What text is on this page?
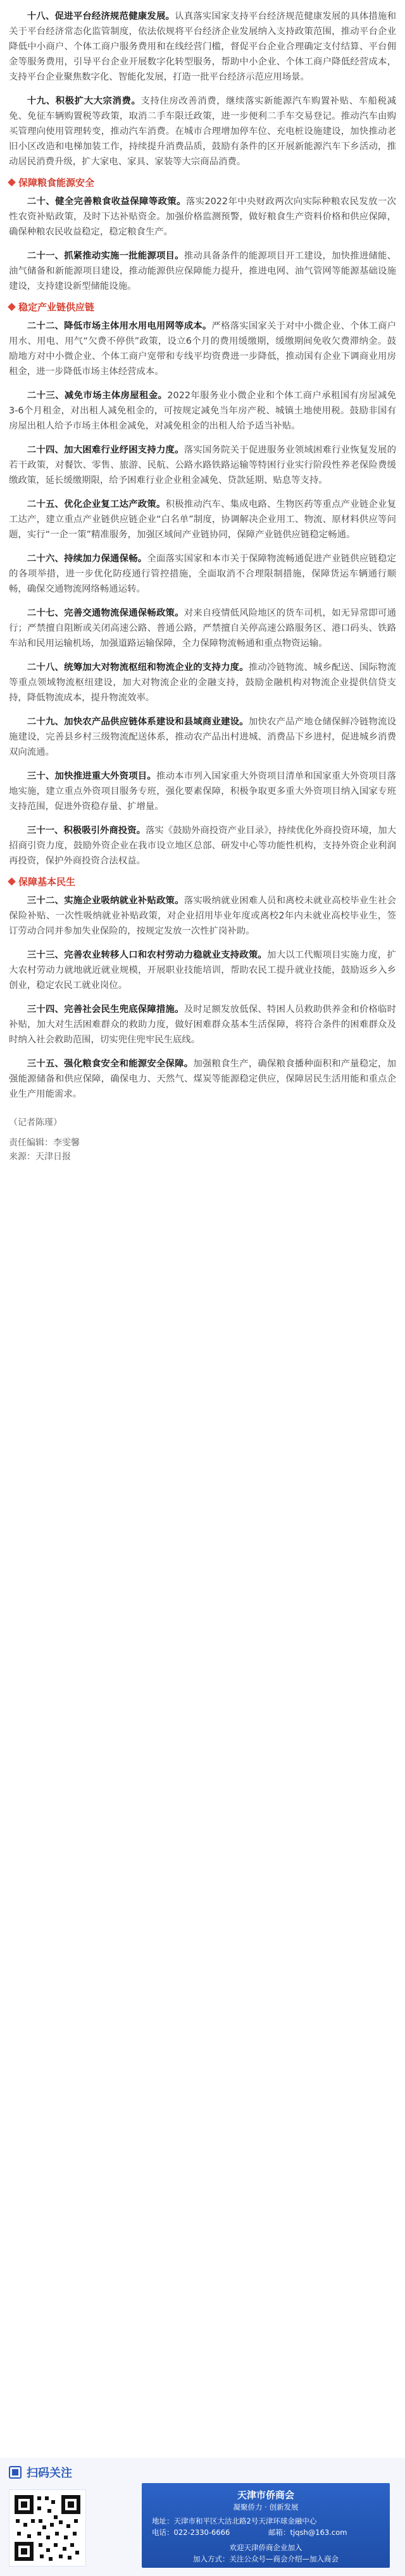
十八、促进平台经济规范健康发展。认真落实国家支持平台经济规范健康发展的具体措施和关于平台经济常态化监管制度，依法依规将平台经济企业发展纳入支持政策范围，推动平台企业降低中小商户、个体工商户服务费用和在线经营门槛，督促平台企业合理确定支付结算、平台佣金等服务费用，引导平台企业开展数字化转型服务，帮助中小企业、个体工商户降低经营成本，支持平台企业聚焦数字化、智能化发展，打造一批平台经济示范应用场景。

十九、积极扩大大宗消费。支持住房改善消费，继续落实新能源汽车购置补贴、车船税减免、免征车辆购置税等政策，取消二手车限迁政策，进一步便利二手车交易登记。推动汽车由购买管理向使用管理转变，推动汽车消费。在城市合理增加停车位、充电桩设施建设，加快推动老旧小区改造和电梯加装工作，持续提升消费品质，鼓励有条件的区开展新能源汽车下乡活动，推动居民消费升级，扩大家电、家具、家装等大宗商品消费。

保障粮食能源安全

二十、健全完善粮食收益保障等政策。落实2022年中央财政两次向实际种粮农民发放一次性农资补贴政策，及时下达补贴资金。加强价格监测预警，做好粮食生产资料价格和供应保障，确保种粮农民收益稳定，稳定粮食生产。

二十一、抓紧推动实施一批能源项目。推动具备条件的能源项目开工建设，加快推进储能、油气储备和新能源项目建设，推动能源供应保障能力提升，推进电网、油气管网等能源基础设施建设，支持建设新型储能设施。

稳定产业链供应链

二十二、降低市场主体用水用电用网等成本。严格落实国家关于对中小微企业、个体工商户用水、用电、用气“欠费不停供”政策，设立6个月的费用缓缴期，缓缴期间免收欠费滞纳金。鼓励地方对中小微企业、个体工商户宽带和专线平均资费进一步降低，推动国有企业下调商业用房租金，进一步降低市场主体经营成本。

二十三、减免市场主体房屋租金。2022年服务业小微企业和个体工商户承租国有房屋减免3-6个月租金，对出租人减免租金的，可按规定减免当年房产税、城镇土地使用税。鼓励非国有房屋出租人给予市场主体租金减免，对减免租金的出租人给予适当补贴。

二十四、加大困难行业纾困支持力度。落实国务院关于促进服务业领域困难行业恢复发展的若干政策，对餐饮、零售、旅游、民航、公路水路铁路运输等特困行业实行阶段性养老保险费缓缴政策，延长缓缴期限，给予困难行业企业租金减免、贷款延期、贴息等支持。

二十五、优化企业复工达产政策。积极推动汽车、集成电路、生物医药等重点产业链企业复工达产，建立重点产业链供应链企业“白名单”制度，协调解决企业用工、物流、原材料供应等问题，实行“一企一策”精准服务，加强区域间产业链协同，保障产业链供应链稳定畅通。

二十六、持续加力保通保畅。全面落实国家和本市关于保障物流畅通促进产业链供应链稳定的各项举措，进一步优化防疫通行管控措施，全面取消不合理限制措施，保障货运车辆通行顺畅，确保交通物流网络畅通运转。

二十七、完善交通物流保通保畅政策。对来自疫情低风险地区的货车司机，如无异常即可通行；严禁擅自阻断或关闭高速公路、普通公路，严禁擅自关停高速公路服务区、港口码头、铁路车站和民用运输机场，加强道路运输保障，全力保障物流畅通和重点物资运输。

二十八、统筹加大对物流枢纽和物流企业的支持力度。推动冷链物流、城乡配送、国际物流等重点领域物流枢纽建设，加大对物流企业的金融支持，鼓励金融机构对物流企业提供信贷支持，降低物流成本，提升物流效率。

二十九、加快农产品供应链体系建设和县域商业建设。加快农产品产地仓储保鲜冷链物流设施建设，完善县乡村三级物流配送体系，推动农产品出村进城、消费品下乡进村，促进城乡消费双向流通。

三十、加快推进重大外资项目。推动本市列入国家重大外资项目清单和国家重大外资项目落地实施，建立重点外资项目服务专班，强化要素保障，积极争取更多重大外资项目纳入国家专班支持范围，促进外资稳存量、扩增量。

三十一、积极吸引外商投资。落实《鼓励外商投资产业目录》，持续优化外商投资环境，加大招商引资力度，鼓励外资企业在我市设立地区总部、研发中心等功能性机构，支持外资企业利润再投资，保护外商投资合法权益。

保障基本民生

三十二、实施企业吸纳就业补贴政策。落实吸纳就业困难人员和离校未就业高校毕业生社会保险补贴、一次性吸纳就业补贴政策，对企业招用毕业年度或离校2年内未就业高校毕业生，签订劳动合同并参加失业保险的，按规定发放一次性扩岗补助。

三十三、完善农业转移人口和农村劳动力稳就业支持政策。加大以工代赈项目实施力度，扩大农村劳动力就地就近就业规模，开展职业技能培训，帮助农民工提升就业技能，鼓励返乡入乡创业，稳定农民工就业岗位。

三十四、完善社会民生兜底保障措施。及时足额发放低保、特困人员救助供养金和价格临时补贴，加大对生活困难群众的救助力度，做好困难群众基本生活保障，将符合条件的困难群众及时纳入社会救助范围，切实兜住兜牢民生底线。

三十五、强化粮食安全和能源安全保障。加强粮食生产，确保粮食播种面积和产量稳定，加强能源储备和供应保障，确保电力、天然气、煤炭等能源稳定供应，保障居民生活用能和重点企业生产用能需求。

（记者陈瑾）
责任编辑：李雯馨
来源：天津日报
扫码关注
天津市侨商会
凝聚侨力 · 创新发展
地址：天津市和平区大沽北路2号天津环球金融中心
电话：022-2330-6666	邮箱：tjqsh@163.com
欢迎天津侨商企业加入
加入方式：关注公众号—商会介绍—加入商会
